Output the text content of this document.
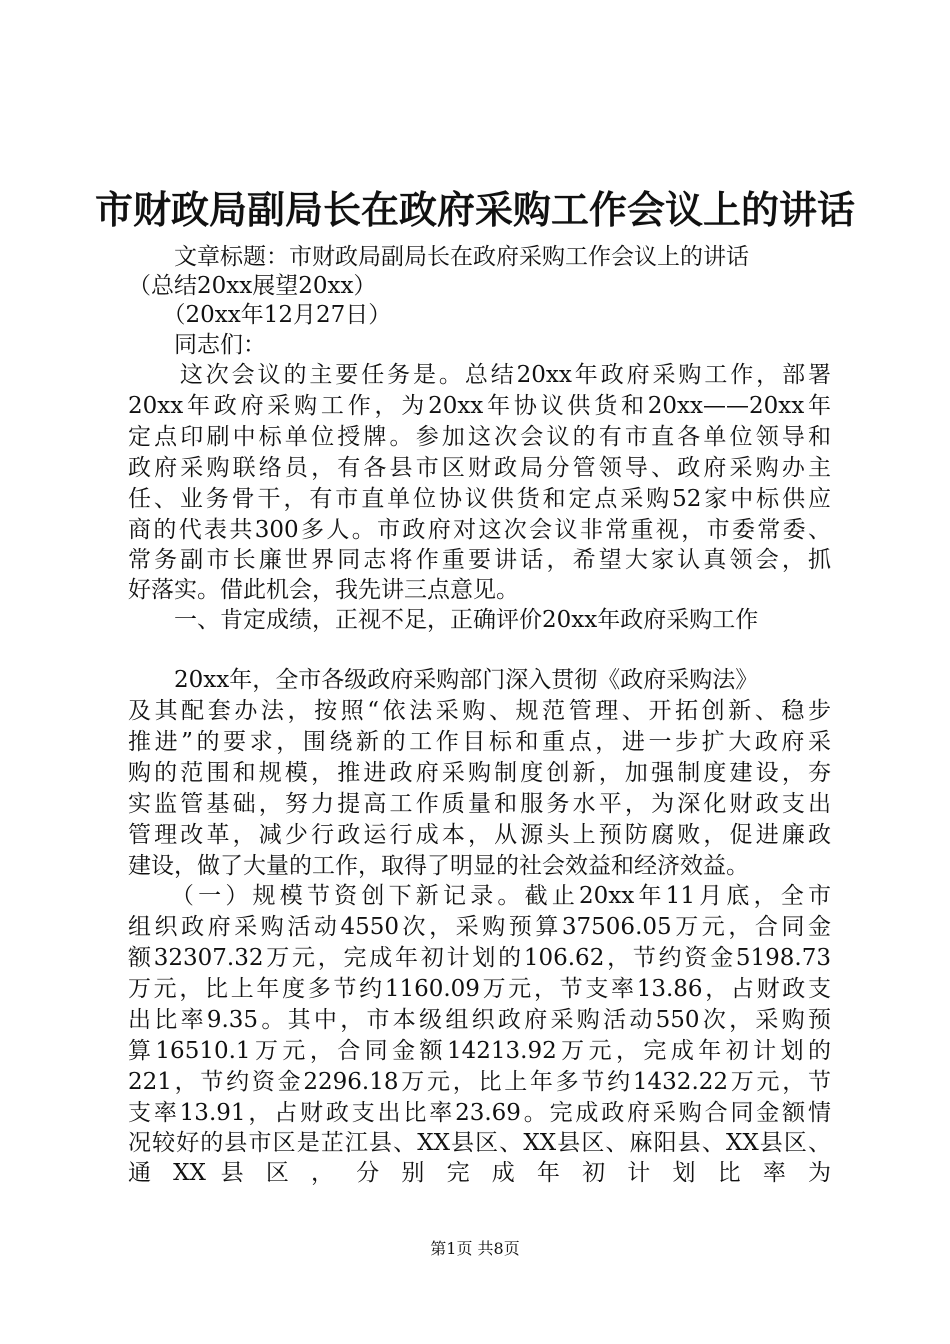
市财政局副局长在政府采购工作会议上的讲话
　　文章标题：市财政局副局长在政府采购工作会议上的讲话
（总结20xx展望20xx）
　　（20xx年12月27日）
　　同志们：
　　这次会议的主要任务是。总结20xx年政府采购工作，部署
20xx年政府采购工作，为20xx年协议供货和20xx——20xx年
定点印刷中标单位授牌。参加这次会议的有市直各单位领导和
政府采购联络员，有各县市区财政局分管领导、政府采购办主
任、业务骨干，有市直单位协议供货和定点采购52家中标供应
商的代表共300多人。市政府对这次会议非常重视，市委常委、
常务副市长廉世界同志将作重要讲话，希望大家认真领会，抓
好落实。借此机会，我先讲三点意见。
　　一、肯定成绩，正视不足，正确评价20xx年政府采购工作
　　20xx年，全市各级政府采购部门深入贯彻《政府采购法》
及其配套办法，按照“依法采购、规范管理、开拓创新、稳步
推进”的要求，围绕新的工作目标和重点，进一步扩大政府采
购的范围和规模，推进政府采购制度创新，加强制度建设，夯
实监管基础，努力提高工作质量和服务水平，为深化财政支出
管理改革，减少行政运行成本，从源头上预防腐败，促进廉政
建设，做了大量的工作，取得了明显的社会效益和经济效益。
　　（一）规模节资创下新记录。截止20xx年11月底，全市
组织政府采购活动4550次，采购预算37506.05万元，合同金
额32307.32万元，完成年初计划的106.62，节约资金5198.73
万元，比上年度多节约1160.09万元，节支率13.86，占财政支
出比率9.35。其中，市本级组织政府采购活动550次，采购预
算16510.1万元，合同金额14213.92万元，完成年初计划的
221，节约资金2296.18万元，比上年多节约1432.22万元，节
支率13.91，占财政支出比率23.69。完成政府采购合同金额情
况较好的县市区是芷江县、XX县区、XX县区、麻阳县、XX县区、
通 XX 县 区 ， 分 别 完 成 年 初 计 划 比 率 为
第1页 共8页
